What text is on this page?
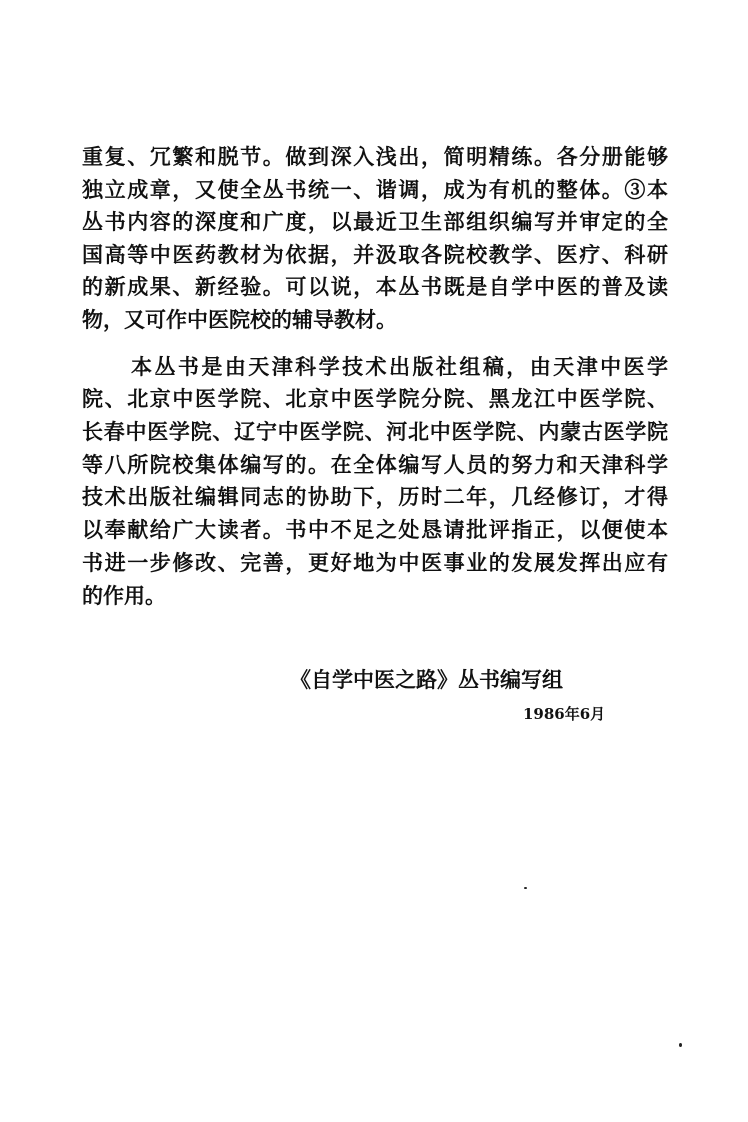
重复、冗繁和脱节。做到深入浅出，简明精练。各分册能够
独立成章，又使全丛书统一、谐调，成为有机的整体。③本
丛书内容的深度和广度，以最近卫生部组织编写并审定的全
国高等中医药教材为依据，并汲取各院校教学、医疗、科研
的新成果、新经验。可以说，本丛书既是自学中医的普及读
物，又可作中医院校的辅导教材。
本丛书是由天津科学技术出版社组稿，由天津中医学
院、北京中医学院、北京中医学院分院、黑龙江中医学院、
长春中医学院、辽宁中医学院、河北中医学院、内蒙古医学院
等八所院校集体编写的。在全体编写人员的努力和天津科学
技术出版社编辑同志的协助下，历时二年，几经修订，才得
以奉献给广大读者。书中不足之处恳请批评指正，以便使本
书进一步修改、完善，更好地为中医事业的发展发挥出应有
的作用。
《自学中医之路》丛书编写组
1986年6月
